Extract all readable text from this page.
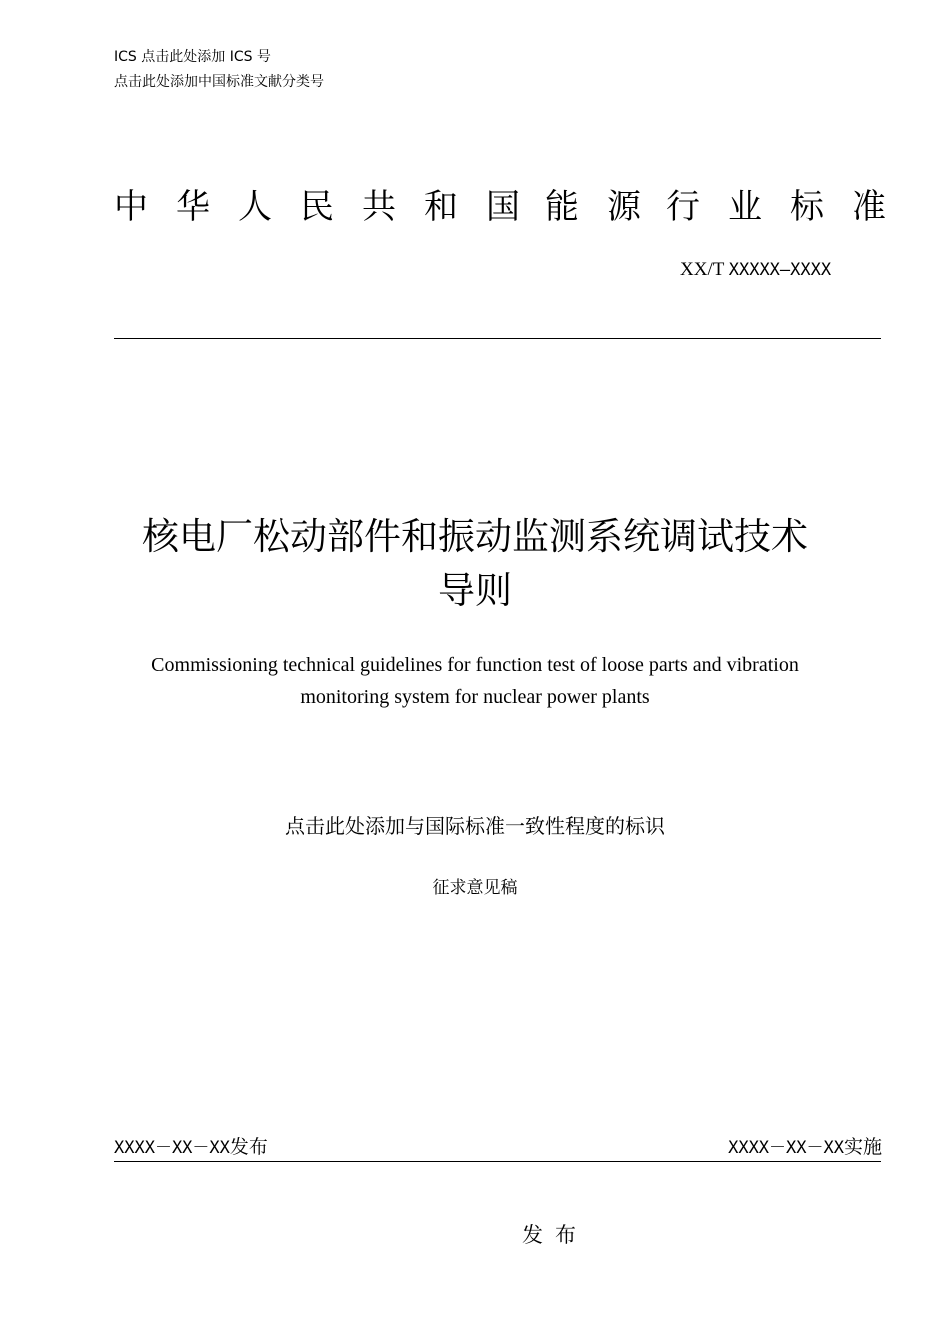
ICS 点击此处添加 ICS 号
点击此处添加中国标准文献分类号
中 华 人 民 共 和 国 能 源 行 业 标 准
XX/T XXXXX—XXXX
核电厂松动部件和振动监测系统调试技术
导则
Commissioning technical guidelines for function test of loose parts and vibration
monitoring system for nuclear power plants
点击此处添加与国际标准一致性程度的标识
征求意见稿
XXXX－XX－XX发布	XXXX－XX－XX实施
发布
